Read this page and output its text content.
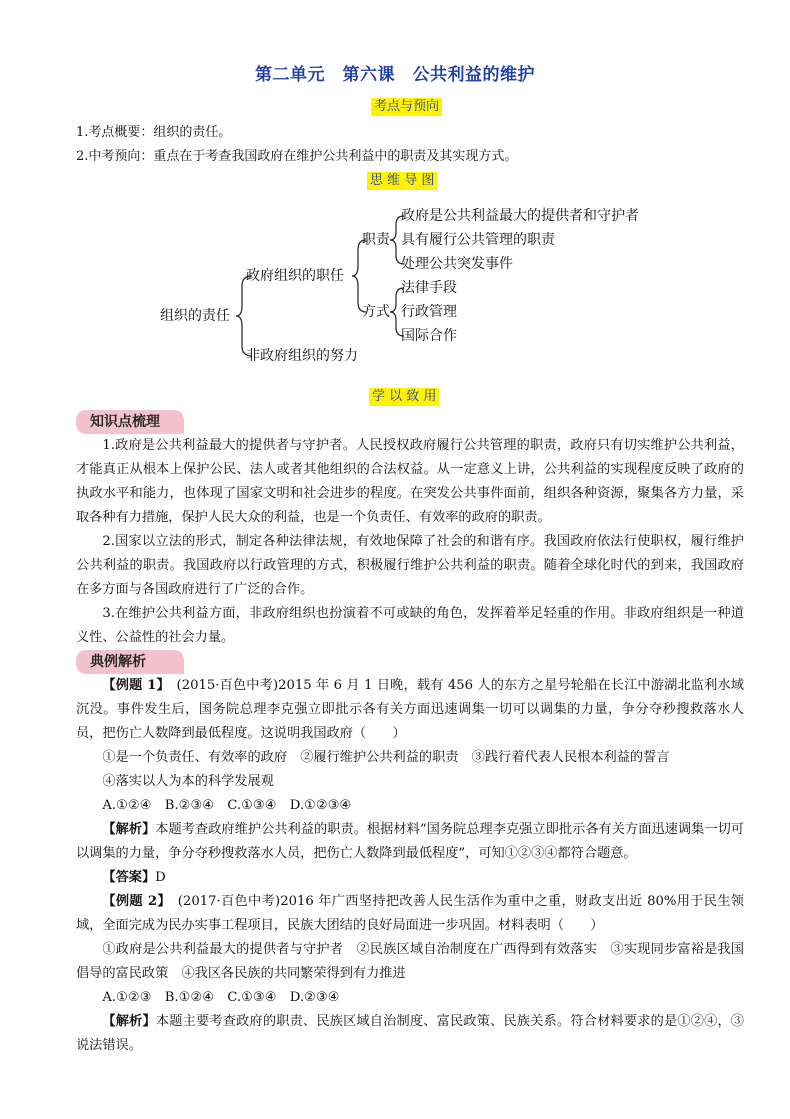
第二单元　第六课　公共利益的维护
考点与预向
1.考点概要：组织的责任。
2.中考预向：重点在于考查我国政府在维护公共利益中的职责及其实现方式。
思 维 导 图
组织的责任
政府组织的职任
非政府组织的努力
职责
方式
政府是公共利益最大的提供者和守护者
具有履行公共管理的职责
处理公共突发事件
法律手段
行政管理
国际合作
学 以 致 用
知识点梳理
1.政府是公共利益最大的提供者与守护者。人民授权政府履行公共管理的职责，政府只有切实维护公共利益，才能真正从根本上保护公民、法人或者其他组织的合法权益。从一定意义上讲，公共利益的实现程度反映了政府的执政水平和能力，也体现了国家文明和社会进步的程度。在突发公共事件面前，组织各种资源，聚集各方力量，采取各种有力措施，保护人民大众的利益，也是一个负责任、有效率的政府的职责。
2.国家以立法的形式，制定各种法律法规，有效地保障了社会的和谐有序。我国政府依法行使职权，履行维护公共利益的职责。我国政府以行政管理的方式，积极履行维护公共利益的职责。随着全球化时代的到来，我国政府在多方面与各国政府进行了广泛的合作。
3.在维护公共利益方面，非政府组织也扮演着不可或缺的角色，发挥着举足轻重的作用。非政府组织是一种道义性、公益性的社会力量。
典例解析
【例题 1】　(2015·百色中考)2015 年 6 月 1 日晚，载有 456 人的东方之星号轮船在长江中游湖北监利水域沉没。事件发生后，国务院总理李克强立即批示各有关方面迅速调集一切可以调集的力量，争分夺秒搜救落水人员，把伤亡人数降到最低程度。这说明我国政府（　　）
①是一个负责任、有效率的政府　②履行维护公共利益的职责　③践行着代表人民根本利益的誓言
④落实以人为本的科学发展观
A.①②④　B.②③④　C.①③④　D.①②③④
【解析】本题考查政府维护公共利益的职责。根据材料“国务院总理李克强立即批示各有关方面迅速调集一切可以调集的力量，争分夺秒搜救落水人员，把伤亡人数降到最低程度”，可知①②③④都符合题意。
【答案】D
【例题 2】　(2017·百色中考)2016 年广西坚持把改善人民生活作为重中之重，财政支出近 80%用于民生领域，全面完成为民办实事工程项目，民族大团结的良好局面进一步巩固。材料表明（　　）
①政府是公共利益最大的提供者与守护者　②民族区域自治制度在广西得到有效落实　③实现同步富裕是我国倡导的富民政策　④我区各民族的共同繁荣得到有力推进
A.①②③　B.①②④　C.①③④　D.②③④
【解析】本题主要考查政府的职责、民族区域自治制度、富民政策、民族关系。符合材料要求的是①②④，③说法错误。
